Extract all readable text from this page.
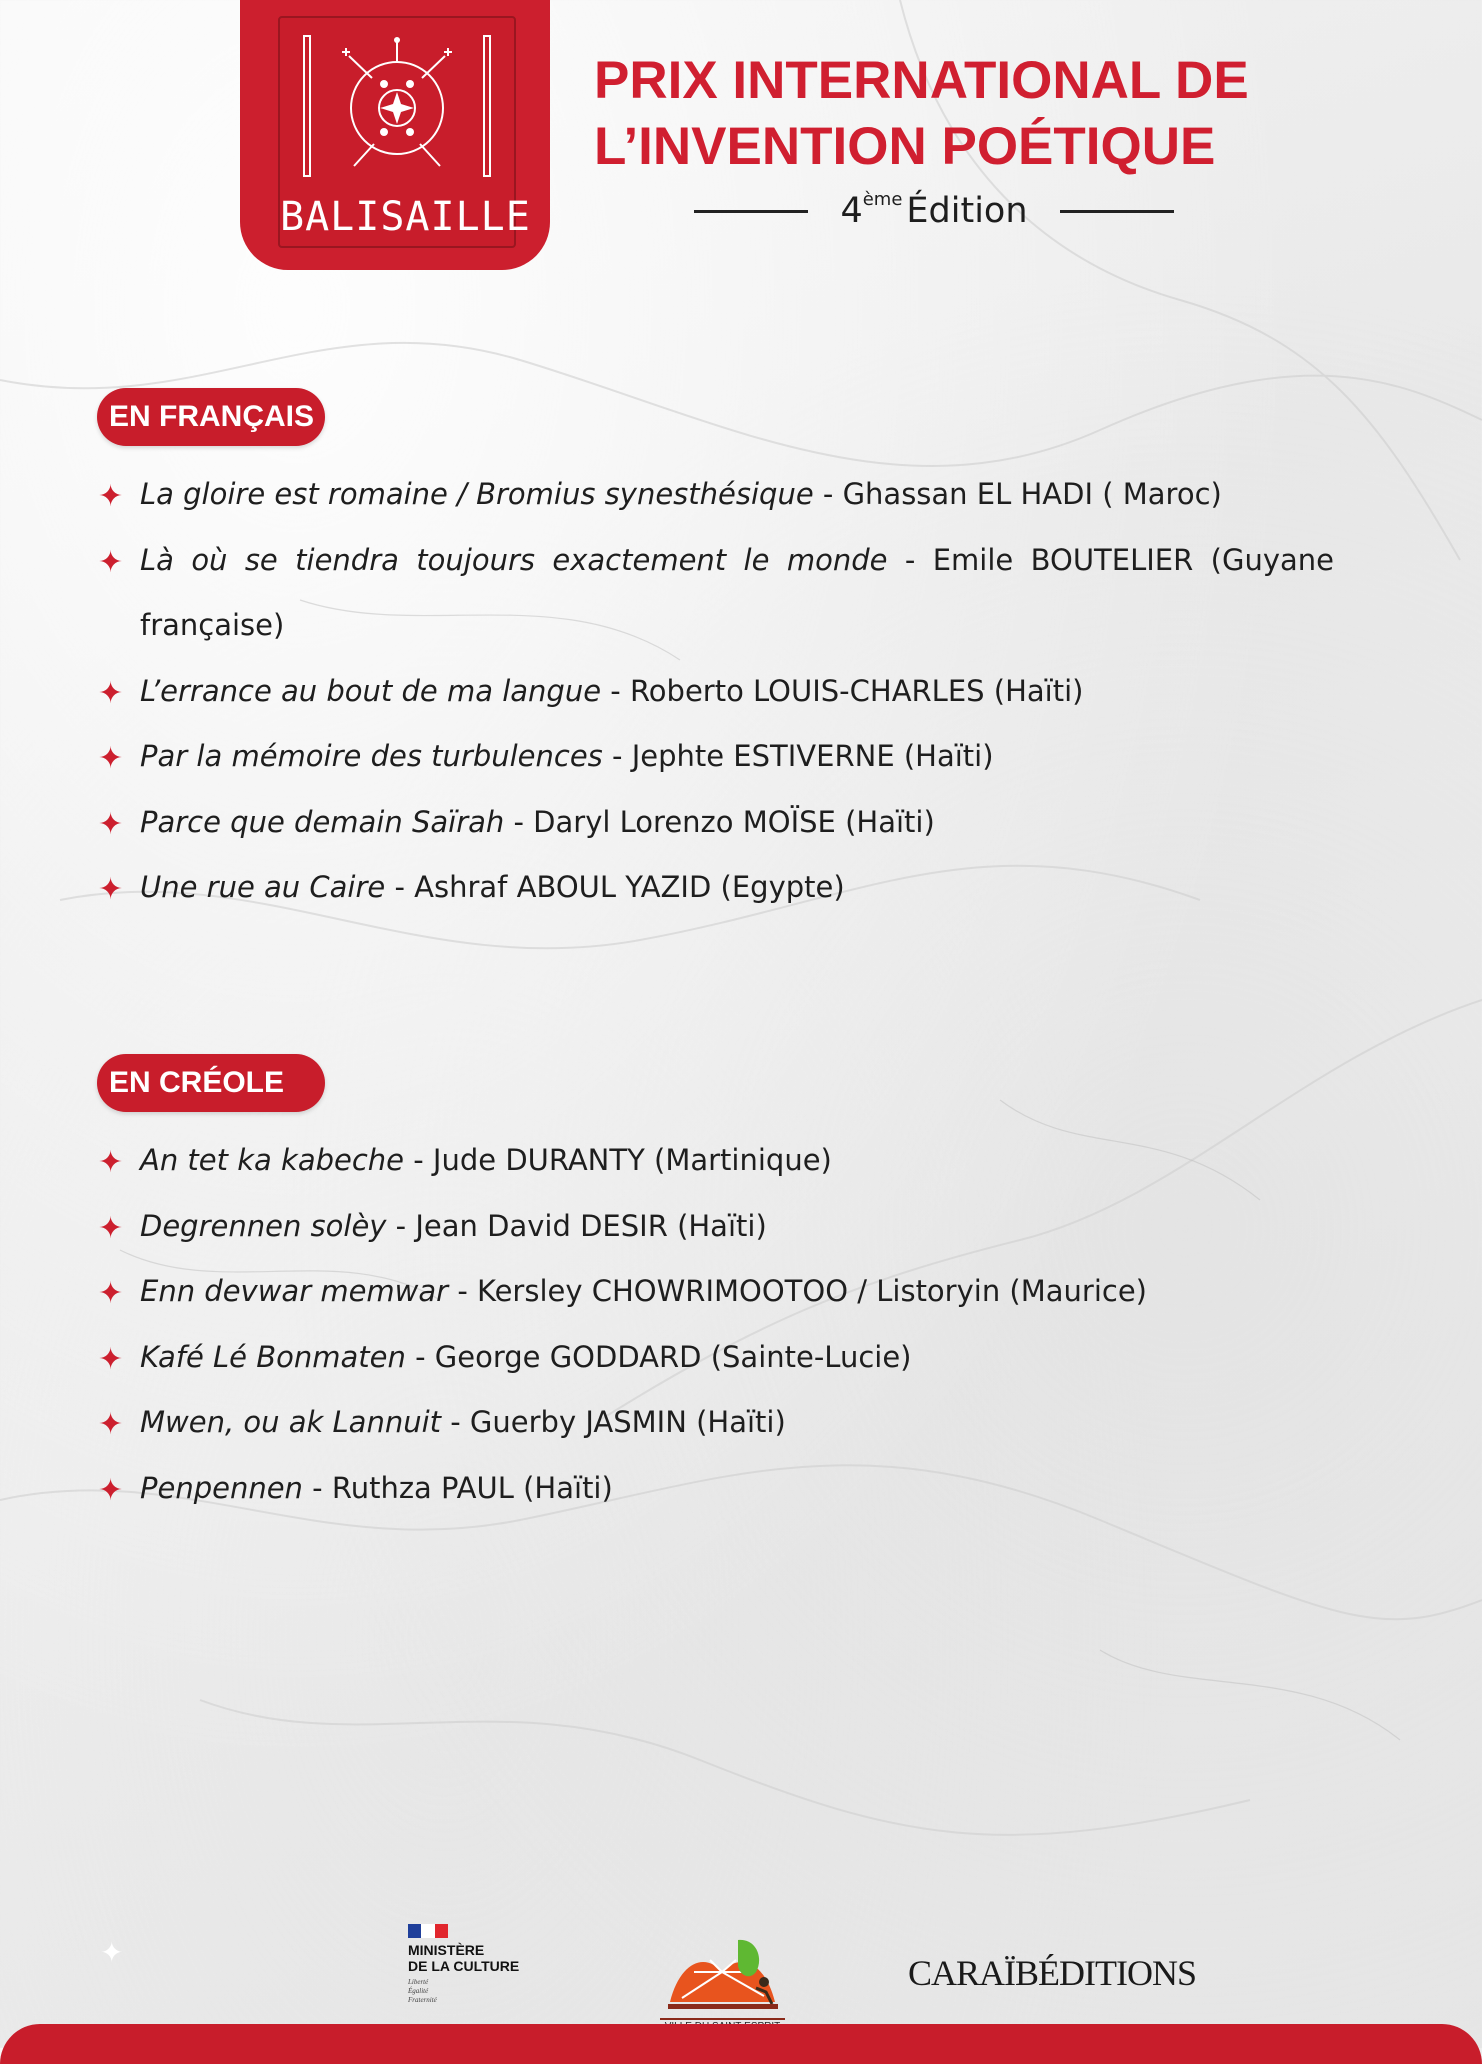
BALISAILLE
PRIX INTERNATIONAL DE
L’INVENTION POÉTIQUE
4ème Édition
EN FRANÇAIS
✦ La gloire est romaine / Bromius synesthésique - Ghassan EL HADI ( Maroc)
✦ Là où se tiendra toujours exactement le monde - Emile BOUTELIER (Guyane française)
✦ L’errance au bout de ma langue - Roberto LOUIS-CHARLES (Haïti)
✦ Par la mémoire des turbulences - Jephte ESTIVERNE (Haïti)
✦ Parce que demain Saïrah - Daryl Lorenzo MOÏSE (Haïti)
✦ Une rue au Caire - Ashraf ABOUL YAZID (Egypte)
EN CRÉOLE
✦ An tet ka kabeche - Jude DURANTY (Martinique)
✦ Degrennen solèy - Jean David DESIR (Haïti)
✦ Enn devwar memwar - Kersley CHOWRIMOOTOO / Listoryin (Maurice)
✦ Kafé Lé Bonmaten - George GODDARD (Sainte-Lucie)
✦ Mwen, ou ak Lannuit - Guerby JASMIN (Haïti)
✦ Penpennen - Ruthza PAUL (Haïti)
✦	MINISTÈRE
DE LA CULTURE
Liberté
Égalité
Fraternité
CARAÏBÉDITIONS
